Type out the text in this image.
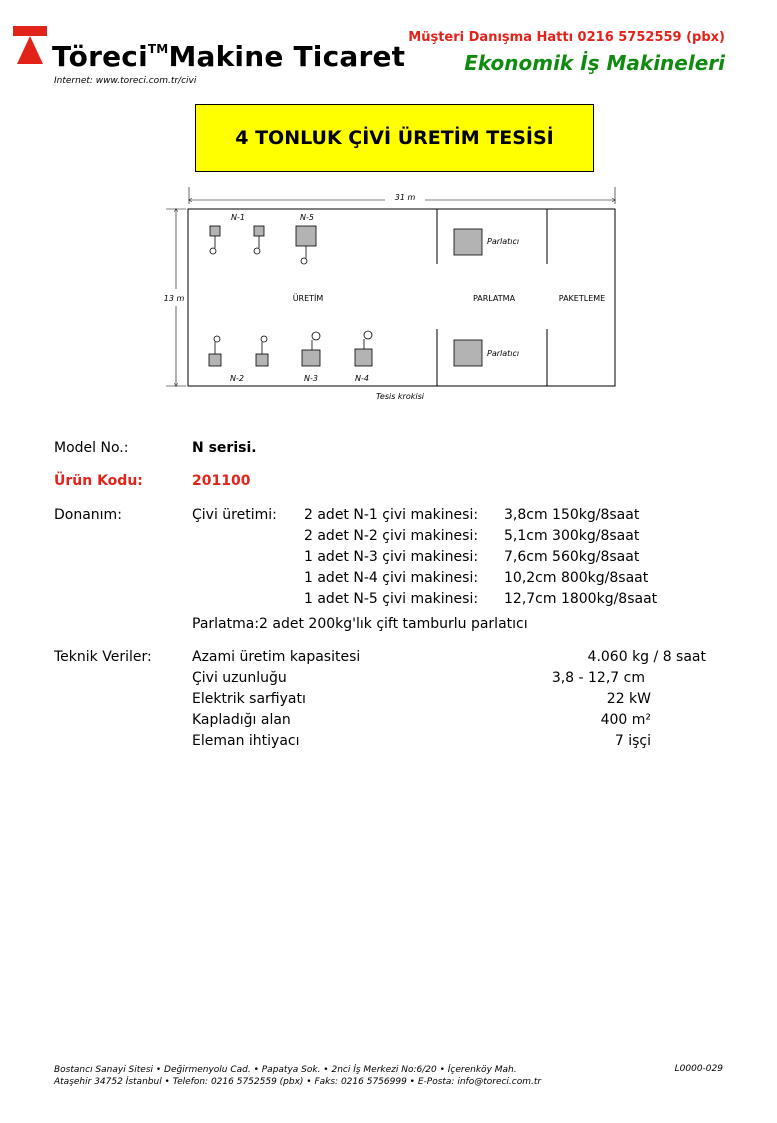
Töreci™Makine Ticaret
Internet: www.toreci.com.tr/civi
Müşteri Danışma Hattı 0216 5752559 (pbx)
Ekonomik İş Makineleri
4 TONLUK ÇİVİ ÜRETİM TESİSİ
31 m
13 m	ÜRETİM	PARLATMA	PAKETLEME
N-1	N-5
N-2	N-3	N-4
Parlatıcı
Parlatıcı
Tesis krokisi
Model No.:	N serisi.
Ürün Kodu:	201100
Donanım:	Çivi üretimi: 2 adet N-1 çivi makinesi: 3,8cm 150kg/8saat
2 adet N-2 çivi makinesi: 5,1cm 300kg/8saat
1 adet N-3 çivi makinesi: 7,6cm 560kg/8saat
1 adet N-4 çivi makinesi: 10,2cm 800kg/8saat
1 adet N-5 çivi makinesi: 12,7cm 1800kg/8saat
Parlatma:2 adet 200kg'lık çift tamburlu parlatıcı
Teknik Veriler:	Azami üretim kapasitesi	4.060 kg / 8 saat
Çivi uzunluğu	3,8 - 12,7 cm
Elektrik sarfiyatı	22 kW
Kapladığı alan	400 m²
Eleman ihtiyacı	7 işçi
Bostancı Sanayi Sitesi • Değirmenyolu Cad. • Papatya Sok. • 2nci İş Merkezi No:6/20 • İçerenköy Mah.
Ataşehir 34752 İstanbul • Telefon: 0216 5752559 (pbx) • Faks: 0216 5756999 • E-Posta: info@toreci.com.tr
L0000-029
